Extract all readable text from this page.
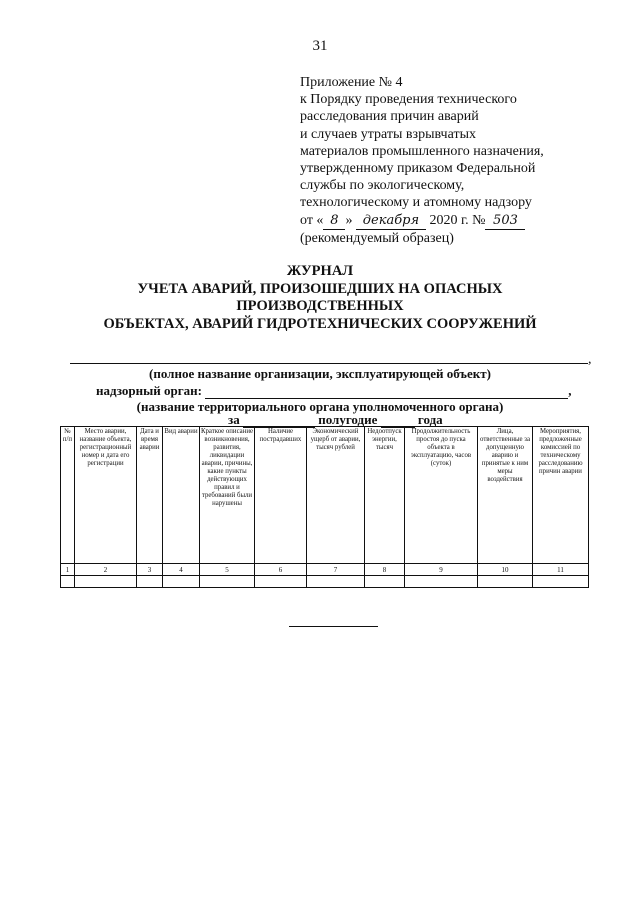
31
Приложение № 4
к Порядку проведения технического
расследования причин аварий
и случаев утраты взрывчатых
материалов промышленного назначения,
утвержденному приказом Федеральной
службы по экологическому,
технологическому и атомному надзору
от « 8 » декабря 2020 г. № 503
(рекомендуемый образец)
ЖУРНАЛ
УЧЕТА АВАРИЙ, ПРОИЗОШЕДШИХ НА ОПАСНЫХ
ПРОИЗВОДСТВЕННЫХ
ОБЪЕКТАХ, АВАРИЙ ГИДРОТЕХНИЧЕСКИХ СООРУЖЕНИЙ
,
(полное название организации, эксплуатирующей объект)
надзорный орган:	,
(название территориального органа уполномоченного органа)
за	полугодие	года
№ п/п	Место аварии, название объекта, регистрационный номер и дата его регистрации	Дата и время аварии	Вид аварии	Краткое описание возникновения, развития, ликвидации аварии, причины, какие пункты действующих правил и требований были нарушены	Наличие пострадавших	Экономический ущерб от аварии, тысяч рублей	Недоотпуск энергии, тысяч	Продолжительность простоя до пуска объекта в эксплуатацию, часов (суток)	Лица, ответственные за допущенную аварию и принятые к ним меры воздействия	Мероприятия, предложенные комиссией по техническому расследованию причин аварии
1	2	3	4	5	6	7	8	9	10	11
